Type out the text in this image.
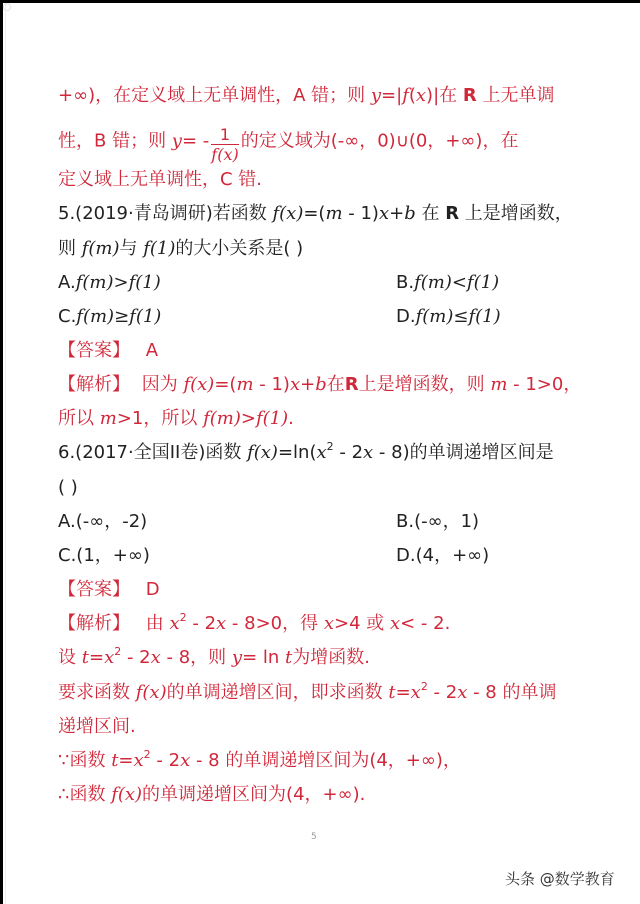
+∞)，在定义域上无单调性，A 错；则 y=|f(x)|在 R 上无单调
性，B 错；则 $y= - \frac{1}{f(x)}$ 的定义域为(-∞，0)∪(0，+∞)，在
定义域上无单调性，C 错.
5.(2019·青岛调研)若函数 f(x)=(m - 1)x+b 在 R 上是增函数，
则 f(m)与 f(1)的大小关系是( )
A.f(m)>f(1)	B.f(m)<f(1)
C.f(m)≥f(1)	D.f(m)≤f(1)
【答案】 A
【解析】 因为 f(x)=(m - 1)x+b在R上是增函数，则 m - 1>0，
所以 m>1，所以 f(m)>f(1).
6.(2017·全国II卷)函数 $f(x)=\ln(x^2 - 2x - 8)$的单调递增区间是
( )
A.(-∞，-2)	B.(-∞，1)
C.(1，+∞)	D.(4，+∞)
【答案】 D
【解析】 由 $x^2 - 2x - 8>0$，得 x>4 或 x< - 2.
设 $t=x^2 - 2x - 8$，则 y= ln t为增函数.
要求函数 f(x)的单调递增区间，即求函数 $t=x^2 - 2x - 8$ 的单调
递增区间.
∵函数 $t=x^2 - 2x - 8$ 的单调递增区间为(4，+∞)，
∴函数 f(x)的单调递增区间为(4，+∞).
5
头条 @数学教育
